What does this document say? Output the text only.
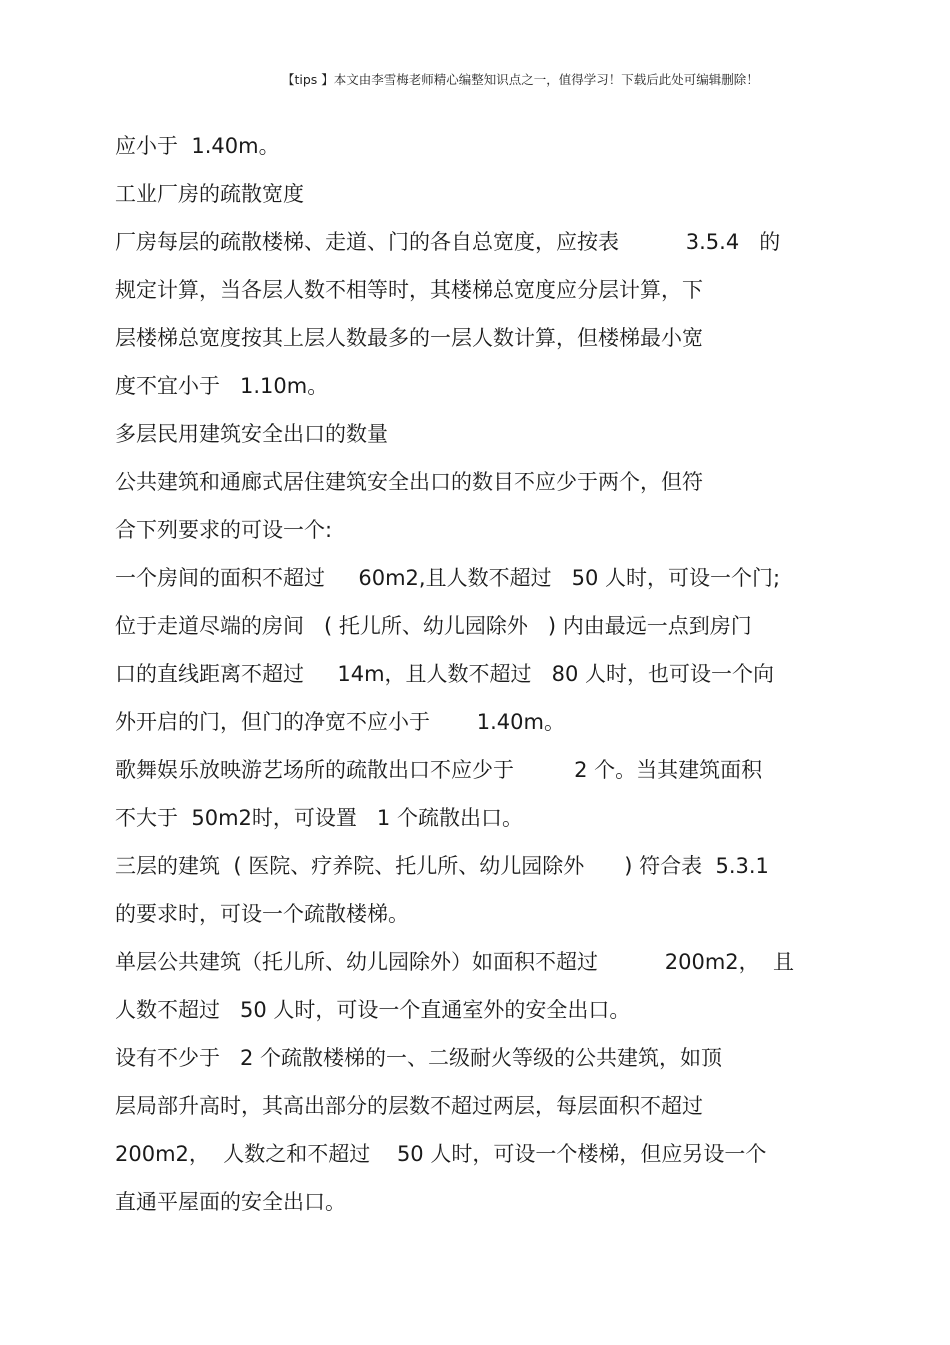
【tips 】本文由李雪梅老师精心编整知识点之一，值得学习！下载后此处可编辑删除！
应小于  1.40m。
工业厂房的疏散宽度
厂房每层的疏散楼梯、走道、门的各自总宽度，应按表          3.5.4   的
规定计算，当各层人数不相等时，其楼梯总宽度应分层计算，下
层楼梯总宽度按其上层人数最多的一层人数计算，但楼梯最小宽
度不宜小于   1.10m。
多层民用建筑安全出口的数量
公共建筑和通廊式居住建筑安全出口的数目不应少于两个，但符
合下列要求的可设一个:
一个房间的面积不超过     60m2,且人数不超过   50 人时，可设一个门;
位于走道尽端的房间   ( 托儿所、幼儿园除外   ) 内由最远一点到房门
口的直线距离不超过     14m，且人数不超过   80 人时，也可设一个向
外开启的门，但门的净宽不应小于       1.40m。
歌舞娱乐放映游艺场所的疏散出口不应少于         2 个。当其建筑面积
不大于  50m2时，可设置   1 个疏散出口。
三层的建筑  ( 医院、疗养院、托儿所、幼儿园除外      ) 符合表  5.3.1
的要求时，可设一个疏散楼梯。
单层公共建筑（托儿所、幼儿园除外）如面积不超过          200m2，  且
人数不超过   50 人时，可设一个直通室外的安全出口。
设有不少于   2 个疏散楼梯的一、二级耐火等级的公共建筑，如顶
层局部升高时，其高出部分的层数不超过两层，每层面积不超过
200m2，  人数之和不超过    50 人时，可设一个楼梯，但应另设一个
直通平屋面的安全出口。
